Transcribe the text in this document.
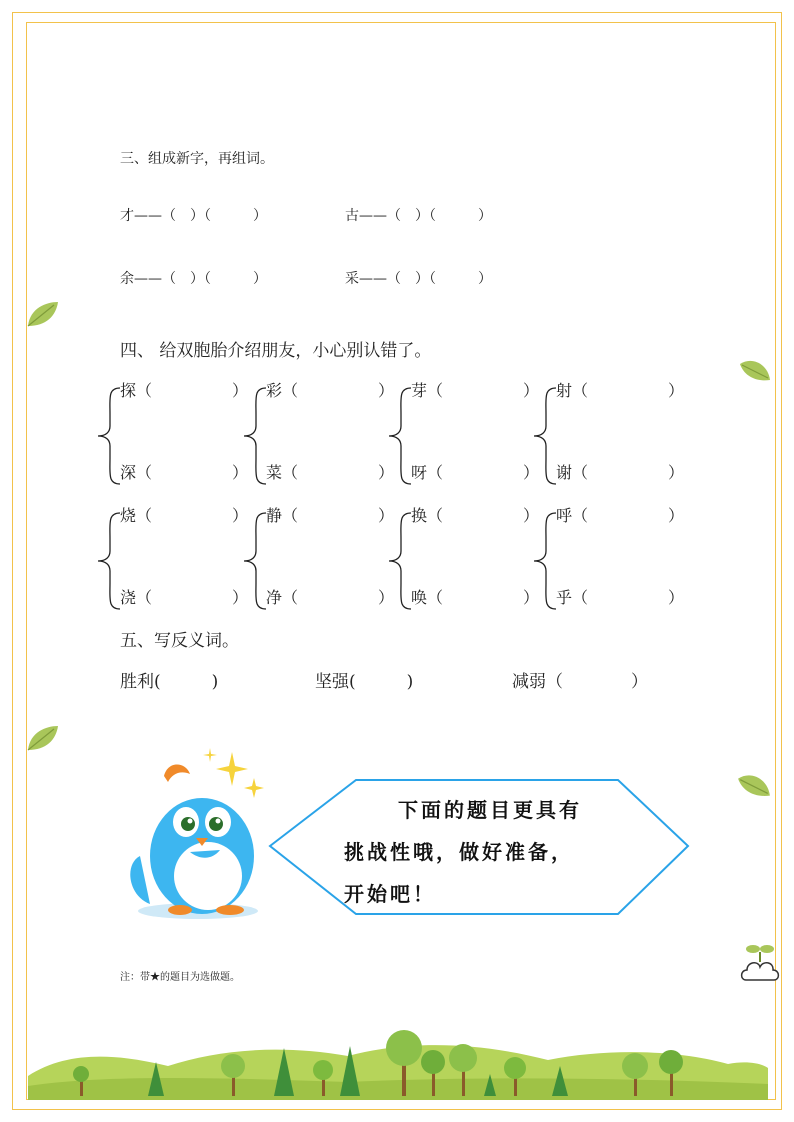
三、组成新字，再组词。
才——（　）（　　　）	古——（　）（　　　）
余——（　）（　　　）	采——（　）（　　　）
四、 给双胞胎介绍朋友，小心别认错了。
探（　　　　　）
深（　　　　　）
彩（　　　　　）
菜（　　　　　）
芽（　　　　　）
呀（　　　　　）
射（　　　　　）
谢（　　　　　）
烧（　　　　　）
浇（　　　　　）
静（　　　　　）
净（　　　　　）
换（　　　　　）
唤（　　　　　）
呼（　　　　　）
乎（　　　　　）
五、写反义词。
胜利(　　　)	坚强(　　　)	减弱（　　　　）
下面的题目更具有
挑战性哦，做好准备，
开始吧！
注：带★的题目为选做题。
